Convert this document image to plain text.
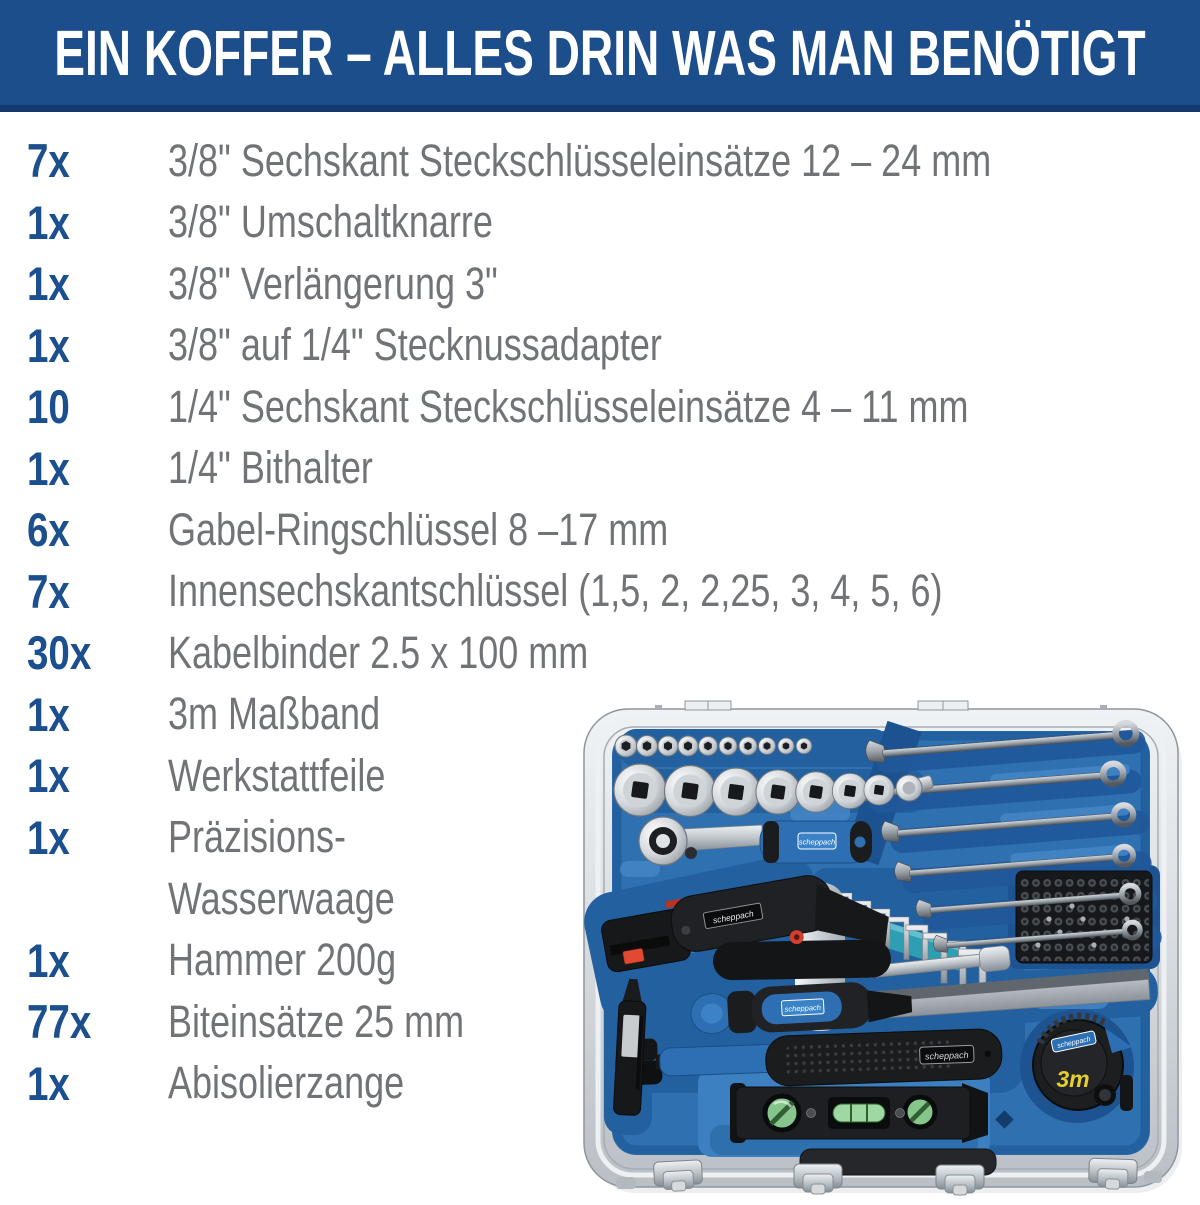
EIN KOFFER – ALLES DRIN WAS MAN BENÖTIGT
7x	3/8" Sechskant Steckschlüsseleinsätze 12 – 24 mm
1x	3/8" Umschaltknarre
1x	3/8" Verlängerung 3"
1x	3/8" auf 1/4" Stecknussadapter
10	1/4" Sechskant Steckschlüsseleinsätze 4 – 11 mm
1x	1/4" Bithalter
6x	Gabel-Ringschlüssel 8 –17 mm
7x	Innensechskantschlüssel (1,5, 2, 2,25, 3, 4, 5, 6)
30x	Kabelbinder 2.5 x 100 mm
1x	3m Maßband
1x	Werkstattfeile
1x	Präzisions-
Wasserwaage
1x	Hammer 200g
77x	Biteinsätze 25 mm
1x	Abisolierzange
scheppach
scheppach
scheppach
scheppach
scheppach
3m
